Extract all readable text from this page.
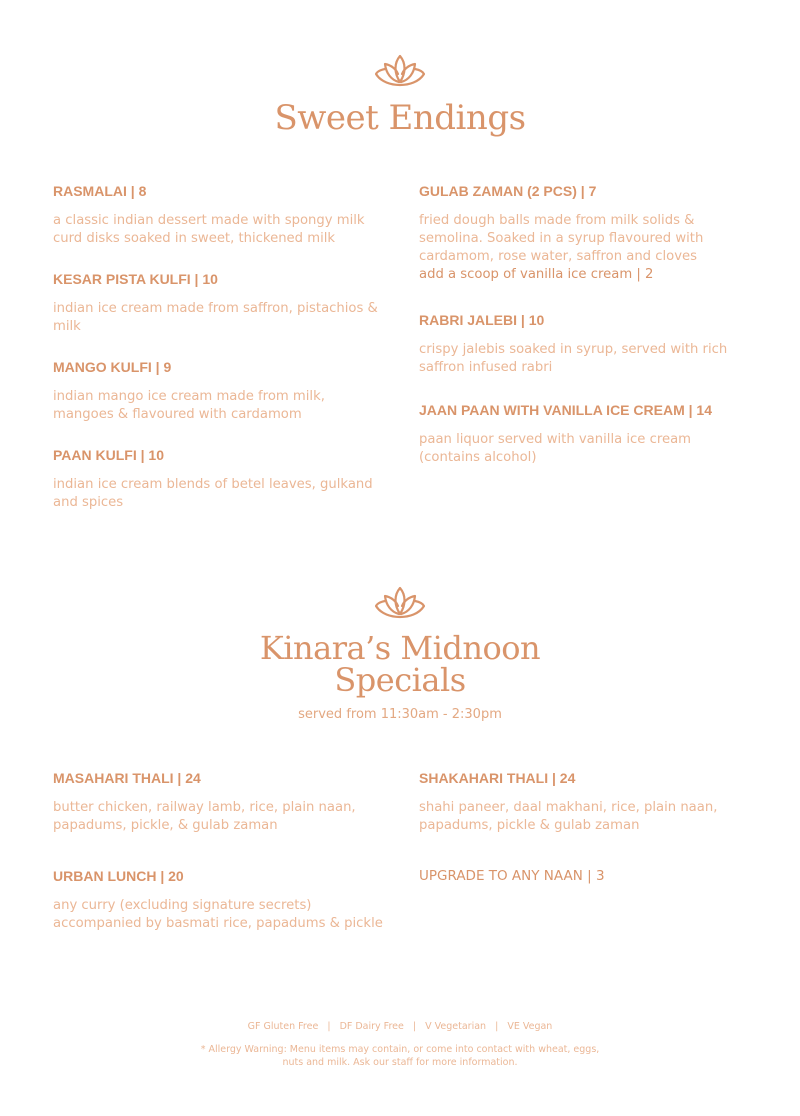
Sweet Endings

RASMALAI | 8

a classic indian dessert made with spongy milk curd disks soaked in sweet, thickened milk

KESAR PISTA KULFI | 10

indian ice cream made from saffron, pistachios & milk

MANGO KULFI | 9

indian mango ice cream made from milk, mangoes & flavoured with cardamom

PAAN KULFI | 10

indian ice cream blends of betel leaves, gulkand and spices

GULAB ZAMAN (2 PCS) | 7

fried dough balls made from milk solids & semolina. Soaked in a syrup flavoured with cardamom, rose water, saffron and cloves

add a scoop of vanilla ice cream | 2

RABRI JALEBI | 10

crispy jalebis soaked in syrup, served with rich saffron infused rabri

JAAN PAAN WITH VANILLA ICE CREAM | 14

paan liquor served with vanilla ice cream (contains alcohol)

Kinara’s Midnoon
Specials
served from 11:30am - 2:30pm

MASAHARI THALI | 24

butter chicken, railway lamb, rice, plain naan, papadums, pickle, & gulab zaman

URBAN LUNCH | 20

any curry (excluding signature secrets) accompanied by basmati rice, papadums & pickle

SHAKAHARI THALI | 24

shahi paneer, daal makhani, rice, plain naan, papadums, pickle & gulab zaman

UPGRADE TO ANY NAAN | 3

GF Gluten Free | DF Dairy Free | V Vegetarian | VE Vegan
* Allergy Warning: Menu items may contain, or come into contact with wheat, eggs, nuts and milk. Ask our staff for more information.
